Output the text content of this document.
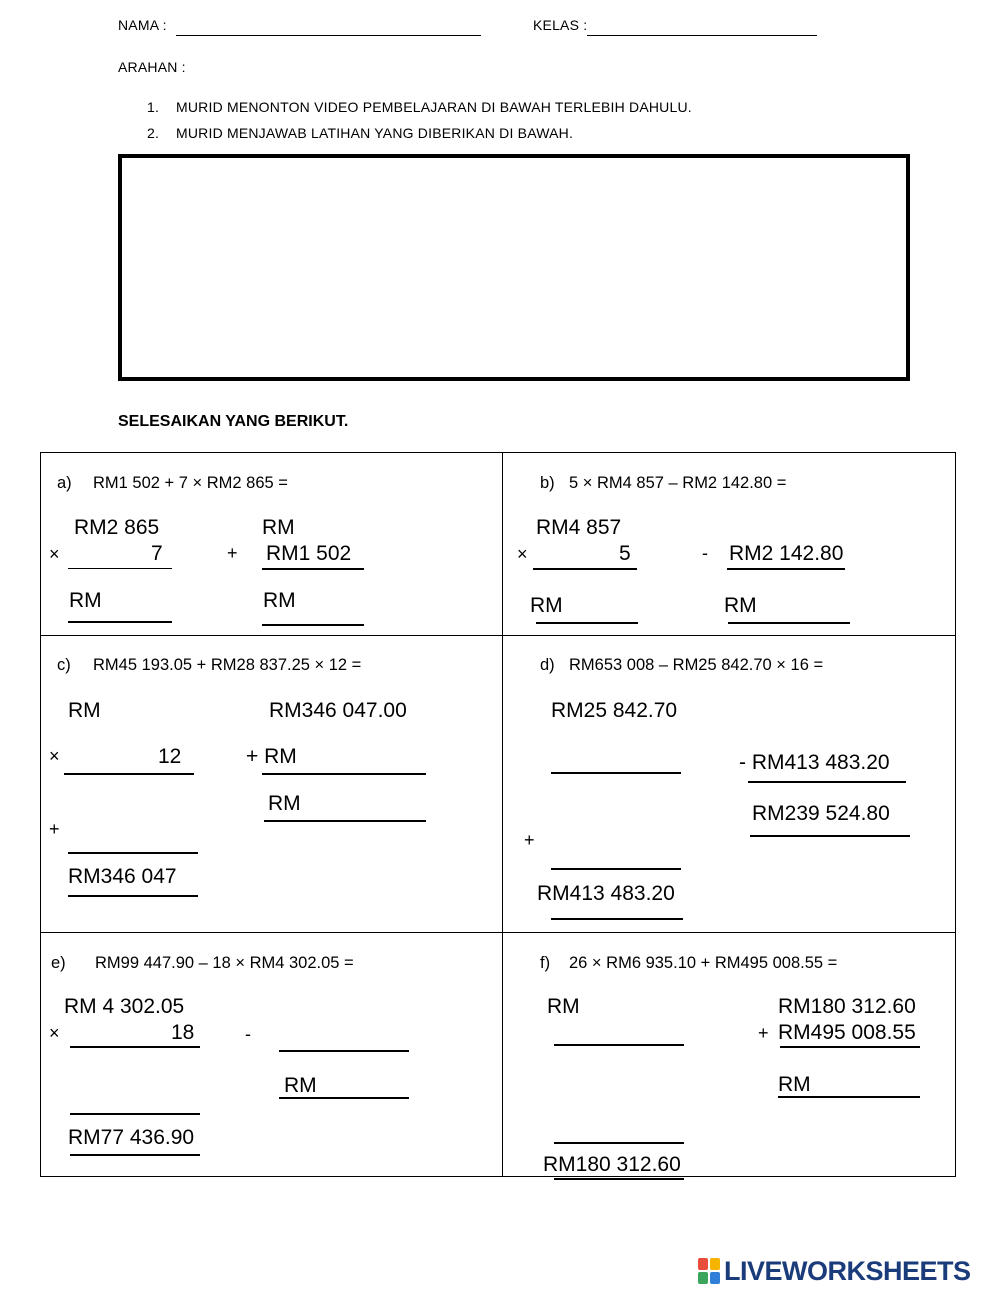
NAMA :	KELAS :
ARAHAN :
1. MURID MENONTON VIDEO PEMBELAJARAN DI BAWAH TERLEBIH DAHULU.
2. MURID MENJAWAB LATIHAN YANG DIBERIKAN DI BAWAH.
SELESAIKAN YANG BERIKUT.
a) RM1 502 + 7 × RM2 865 =
RM2 865
×	7
RM
RM
+ RM1 502
RM
b) 5 × RM4 857 – RM2 142.80 =
RM4 857
×	5
RM
- RM2 142.80
RM
c) RM45 193.05 + RM28 837.25 × 12 =
RM
×	12
+
RM346 047
RM346 047.00
+ RM
RM
d) RM653 008 – RM25 842.70 × 16 =
RM25 842.70
+
RM413 483.20
- RM413 483.20
RM239 524.80
e) RM99 447.90 – 18 × RM4 302.05 =
RM 4 302.05
×	18
RM77 436.90
-
RM
f) 26 × RM6 935.10 + RM495 008.55 =
RM
RM180 312.60
RM180 312.60
+ RM495 008.55
RM
LIVEWORKSHEETS
